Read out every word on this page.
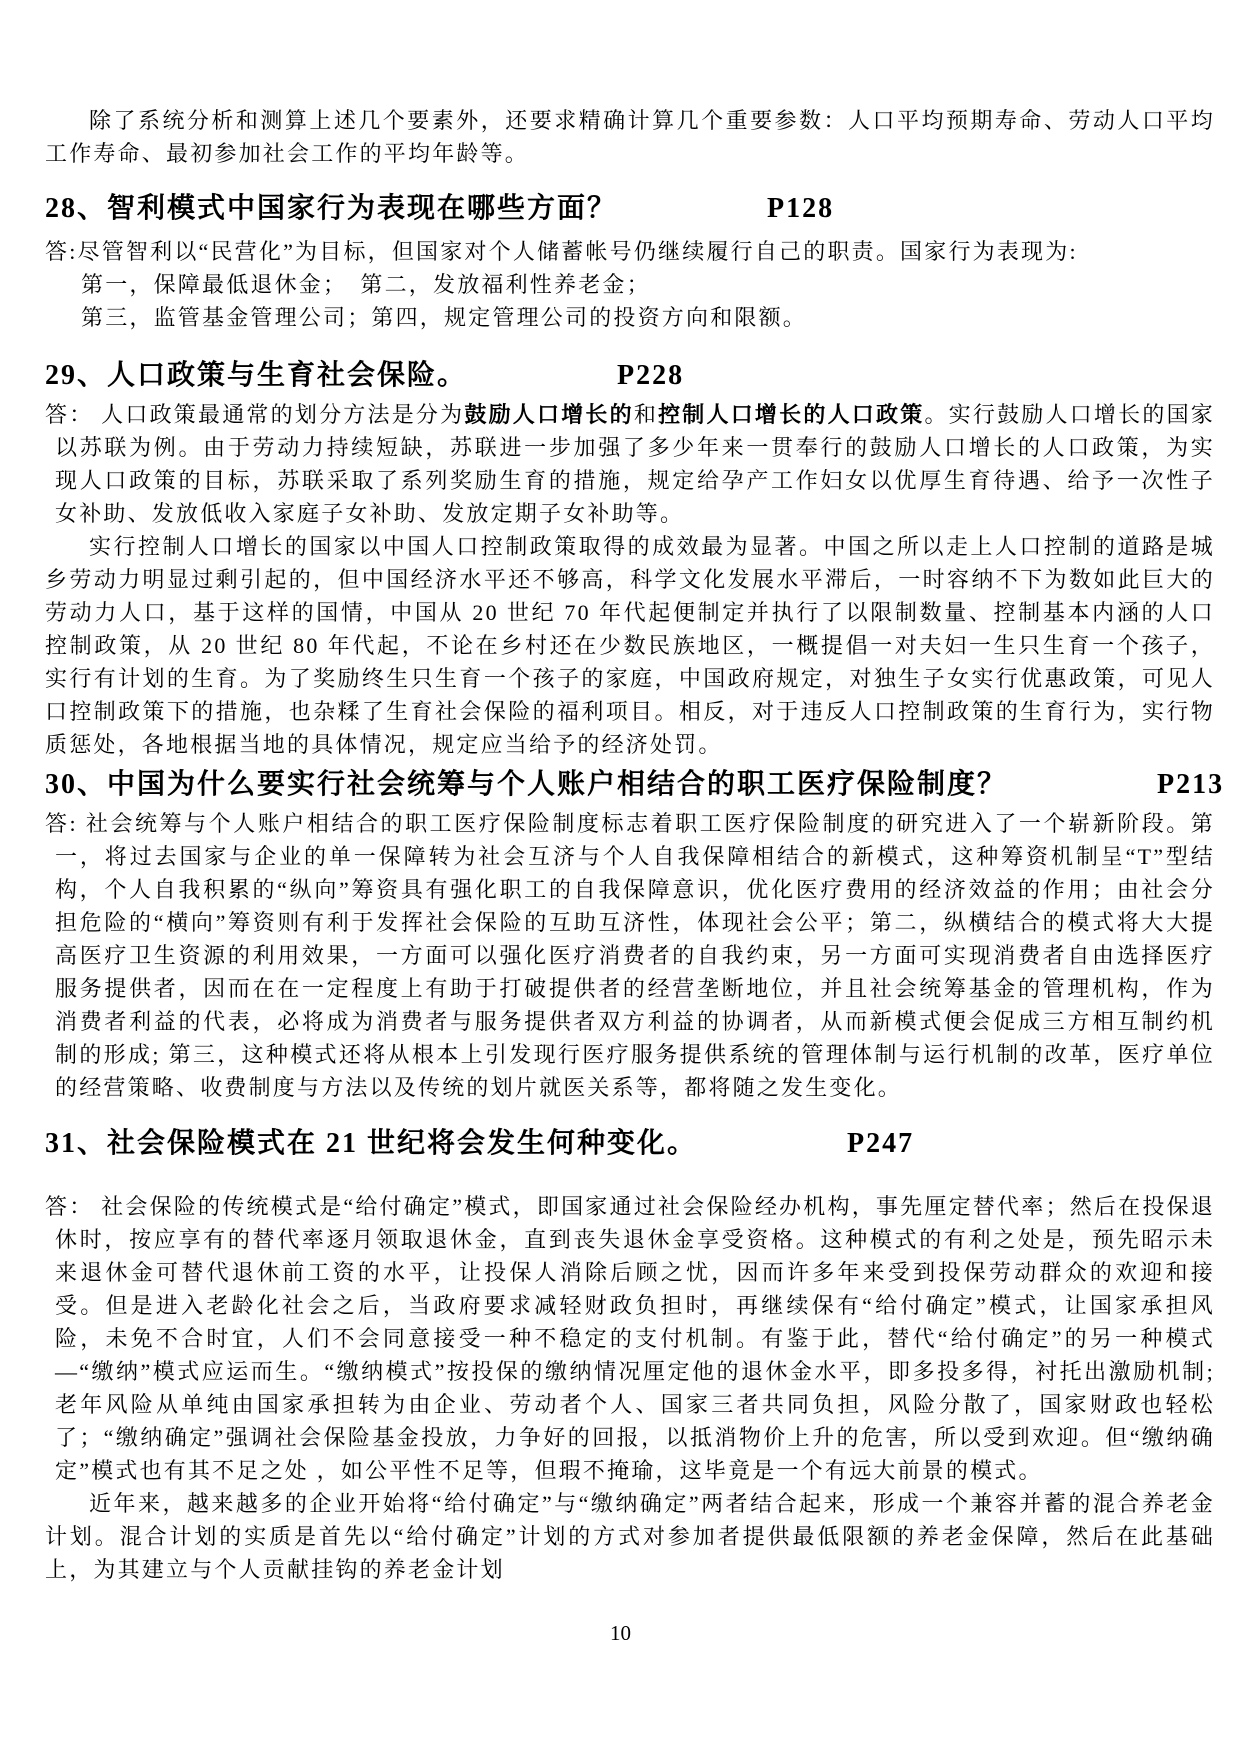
除了系统分析和测算上述几个要素外，还要求精确计算几个重要参数：人口平均预期寿命、劳动人口平均工作寿命、最初参加社会工作的平均年龄等。

28、智利模式中国家行为表现在哪些方面？	P128

答:尽管智利以“民营化”为目标，但国家对个人储蓄帐号仍继续履行自己的职责。国家行为表现为:

第一，保障最低退休金；　第二，发放福利性养老金；

第三，监管基金管理公司；第四，规定管理公司的投资方向和限额。

29、人口政策与生育社会保险。	P228

答： 人口政策最通常的划分方法是分为鼓励人口增长的和控制人口增长的人口政策。实行鼓励人口增长的国家以苏联为例。由于劳动力持续短缺，苏联进一步加强了多少年来一贯奉行的鼓励人口增长的人口政策，为实现人口政策的目标，苏联采取了系列奖励生育的措施，规定给孕产工作妇女以优厚生育待遇、给予一次性子女补助、发放低收入家庭子女补助、发放定期子女补助等。

实行控制人口增长的国家以中国人口控制政策取得的成效最为显著。中国之所以走上人口控制的道路是城乡劳动力明显过剩引起的，但中国经济水平还不够高，科学文化发展水平滞后，一时容纳不下为数如此巨大的劳动力人口，基于这样的国情，中国从 20 世纪 70 年代起便制定并执行了以限制数量、控制基本内涵的人口控制政策，从 20 世纪 80 年代起，不论在乡村还在少数民族地区，一概提倡一对夫妇一生只生育一个孩子，实行有计划的生育。为了奖励终生只生育一个孩子的家庭，中国政府规定，对独生子女实行优惠政策，可见人口控制政策下的措施，也杂糅了生育社会保险的福利项目。相反，对于违反人口控制政策的生育行为，实行物质惩处，各地根据当地的具体情况，规定应当给予的经济处罚。

30、中国为什么要实行社会统筹与个人账户相结合的职工医疗保险制度？	P213

答: 社会统筹与个人账户相结合的职工医疗保险制度标志着职工医疗保险制度的研究进入了一个崭新阶段。第一，将过去国家与企业的单一保障转为社会互济与个人自我保障相结合的新模式，这种筹资机制呈“T”型结构，个人自我积累的“纵向”筹资具有强化职工的自我保障意识，优化医疗费用的经济效益的作用；由社会分担危险的“横向”筹资则有利于发挥社会保险的互助互济性，体现社会公平；第二，纵横结合的模式将大大提高医疗卫生资源的利用效果，一方面可以强化医疗消费者的自我约束，另一方面可实现消费者自由选择医疗服务提供者，因而在在一定程度上有助于打破提供者的经营垄断地位，并且社会统筹基金的管理机构，作为消费者利益的代表，必将成为消费者与服务提供者双方利益的协调者，从而新模式便会促成三方相互制约机制的形成; 第三，这种模式还将从根本上引发现行医疗服务提供系统的管理体制与运行机制的改革，医疗单位的经营策略、收费制度与方法以及传统的划片就医关系等，都将随之发生变化。

31、社会保险模式在 21 世纪将会发生何种变化。	P247

答： 社会保险的传统模式是“给付确定”模式，即国家通过社会保险经办机构，事先厘定替代率；然后在投保退休时，按应享有的替代率逐月领取退休金，直到丧失退休金享受资格。这种模式的有利之处是，预先昭示未来退休金可替代退休前工资的水平，让投保人消除后顾之忧，因而许多年来受到投保劳动群众的欢迎和接受。但是进入老龄化社会之后，当政府要求减轻财政负担时，再继续保有“给付确定”模式，让国家承担风险，未免不合时宜，人们不会同意接受一种不稳定的支付机制。有鉴于此，替代“给付确定”的另一种模式—“缴纳”模式应运而生。“缴纳模式”按投保的缴纳情况厘定他的退休金水平，即多投多得，衬托出激励机制; 老年风险从单纯由国家承担转为由企业、劳动者个人、国家三者共同负担，风险分散了，国家财政也轻松了；“缴纳确定”强调社会保险基金投放，力争好的回报，以抵消物价上升的危害，所以受到欢迎。但“缴纳确定”模式也有其不足之处 ，如公平性不足等，但瑕不掩瑜，这毕竟是一个有远大前景的模式。

近年来，越来越多的企业开始将“给付确定”与“缴纳确定”两者结合起来，形成一个兼容并蓄的混合养老金计划。混合计划的实质是首先以“给付确定”计划的方式对参加者提供最低限额的养老金保障，然后在此基础上，为其建立与个人贡献挂钩的养老金计划

10
